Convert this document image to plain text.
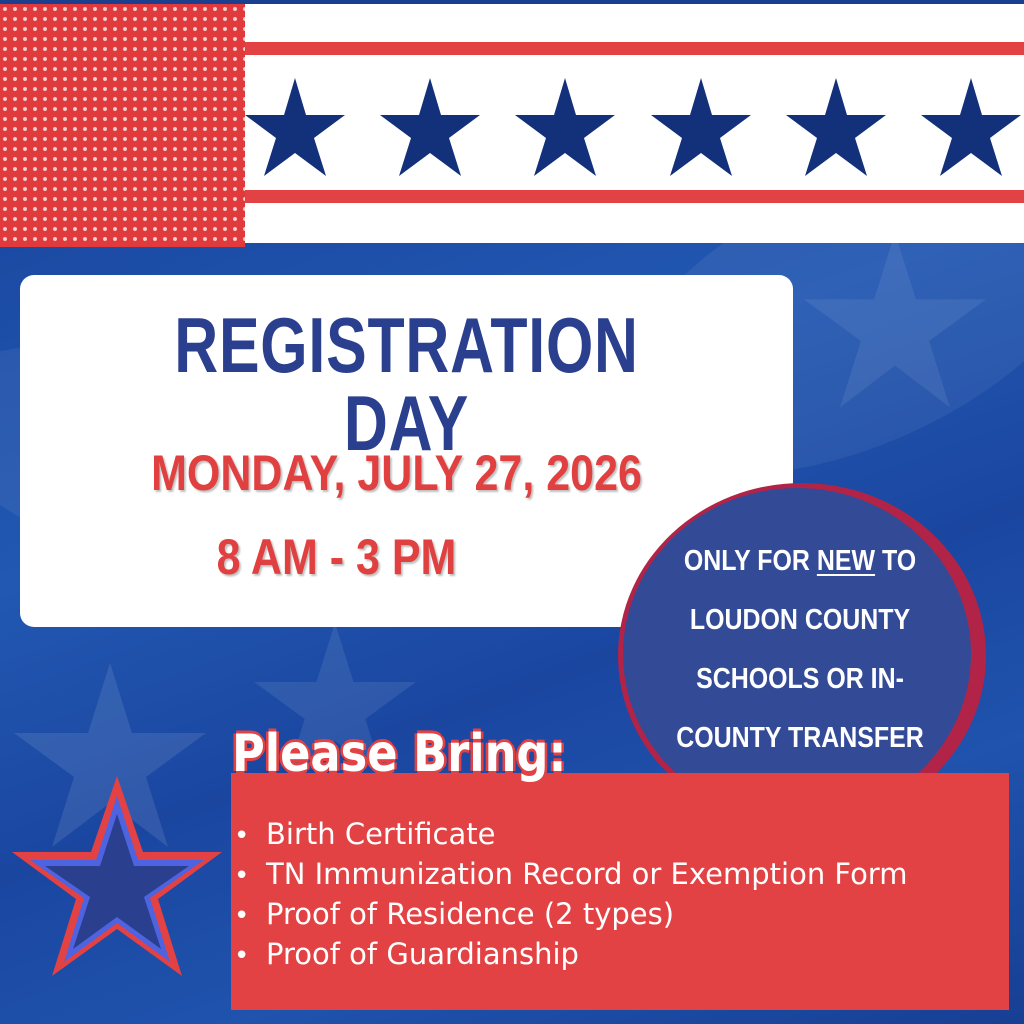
REGISTRATION DAY
MONDAY, JULY 27, 2026
8 AM - 3 PM	ONLY FOR NEW TO
LOUDON COUNTY
SCHOOLS OR IN-
COUNTY TRANSFER
Please Bring:
• Birth Certificate
• TN Immunization Record or Exemption Form
• Proof of Residence (2 types)
• Proof of Guardianship
